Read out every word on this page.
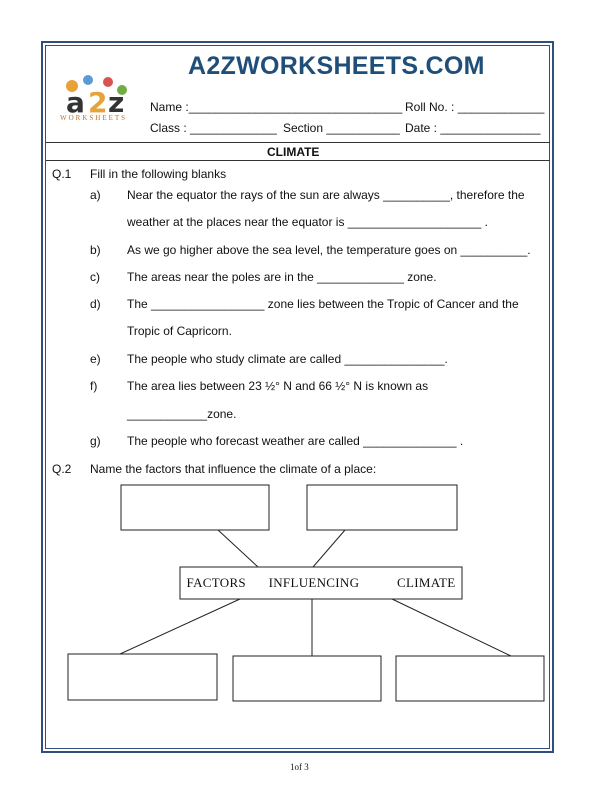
A2ZWORKSHEETS.COM
a 2 z
WORKSHEETS
Name :________________________________ Roll No. : _____________
Class : _____________ Section ___________ Date : _______________
CLIMATE
Q.1 Fill in the following blanks
a) Near the equator the rays of the sun are always __________, therefore the
weather at the places near the equator is ____________________ .
b) As we go higher above the sea level, the temperature goes on __________.
c) The areas near the poles are in the _____________ zone.
d) The _________________ zone lies between the Tropic of Cancer and the
Tropic of Capricorn.
e) The people who study climate are called _______________.
f) The area lies between 23 ½° N and 66 ½° N is known as
____________zone.
g) The people who forecast weather are called ______________ .
Q.2 Name the factors that influence the climate of a place:
FACTORS   INFLUENCING     CLIMATE
1of 3
